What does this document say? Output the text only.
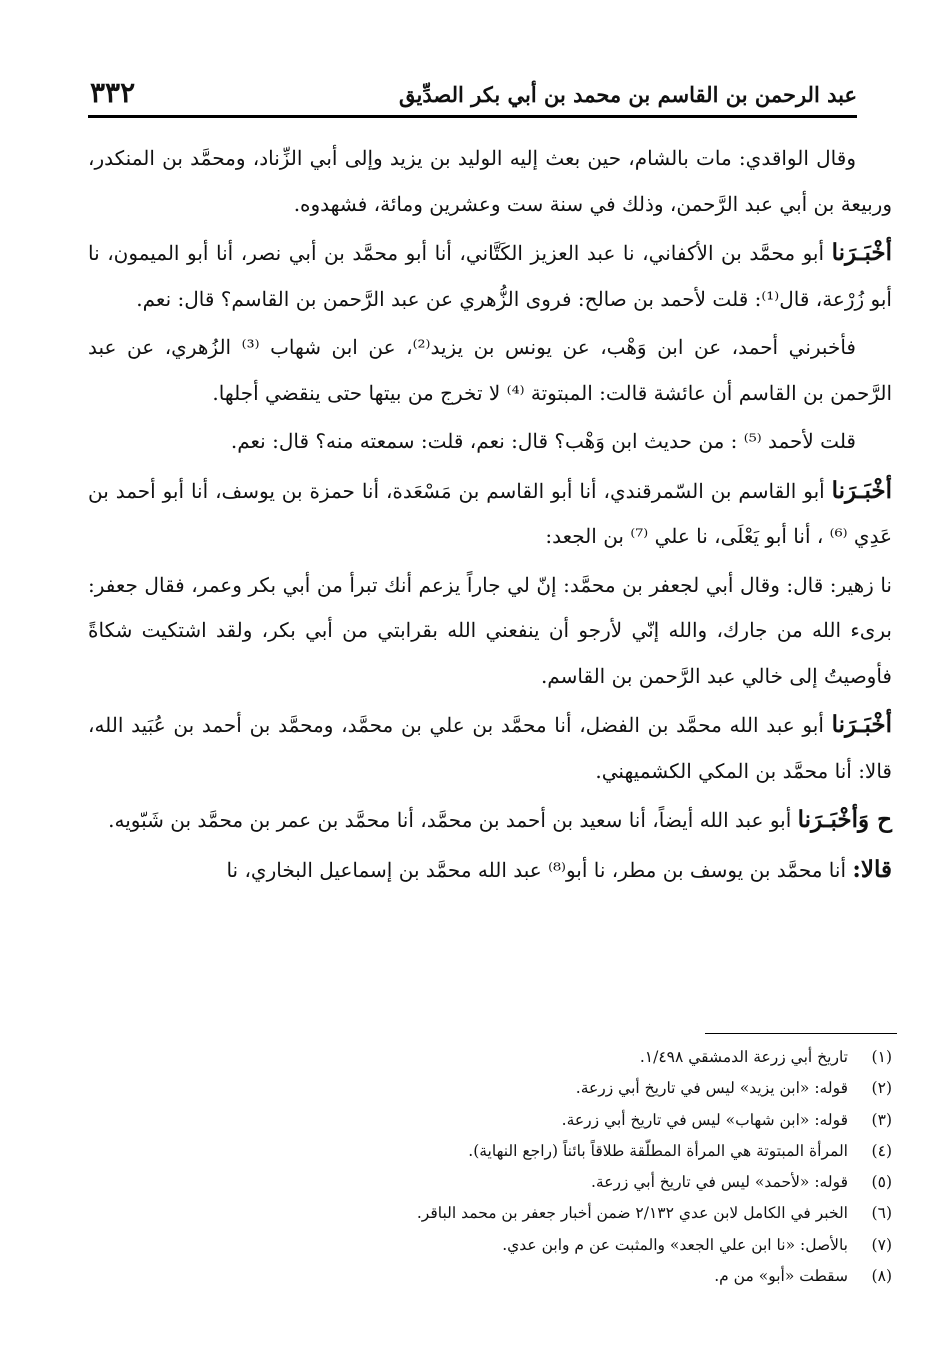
عبد الرحمن بن القاسم بن محمد بن أبي بكر الصدِّيق
٣٣٢

وقال الواقدي: مات بالشام، حين بعث إليه الوليد بن يزيد وإلى أبي الزِّناد، ومحمَّد بن المنكدر، وربيعة بن أبي عبد الرَّحمن، وذلك في سنة ست وعشرين ومائة، فشهدوه.

أخْبَـرَنا أبو محمَّد بن الأكفاني، نا عبد العزيز الكَتَّاني، أنا أبو محمَّد بن أبي نصر، أنا أبو الميمون، نا أبو زُرْعة، قال⁽¹⁾: قلت لأحمد بن صالح: فروى الزُّهري عن عبد الرَّحمن بن القاسم؟ قال: نعم.

فأخبرني أحمد، عن ابن وَهْب، عن يونس بن يزيد⁽²⁾، عن ابن شهاب ⁽³⁾ الزُهري، عن عبد الرَّحمن بن القاسم أن عائشة قالت: المبتوتة ⁽⁴⁾ لا تخرج من بيتها حتى ينقضي أجلها.

قلت لأحمد ⁽⁵⁾ : من حديث ابن وَهْب؟ قال: نعم، قلت: سمعته منه؟ قال: نعم.

أخْبَـرَنا أبو القاسم بن السّمرقندي، أنا أبو القاسم بن مَسْعَدة، أنا حمزة بن يوسف، أنا أبو أحمد بن عَدِي ⁽⁶⁾ ، أنا أبو يَعْلَى، نا علي ⁽⁷⁾ بن الجعد:

نا زهير: قال: وقال أبي لجعفر بن محمَّد: إنّ لي جاراً يزعم أنك تبرأ من أبي بكر وعمر، فقال جعفر: برىء الله من جارك، والله إنّي لأرجو أن ينفعني الله بقرابتي من أبي بكر، ولقد اشتكيت شكاةً فأوصيتُ إلى خالي عبد الرَّحمن بن القاسم.

أخْبَـرَنا أبو عبد الله محمَّد بن الفضل، أنا محمَّد بن علي بن محمَّد، ومحمَّد بن أحمد بن عُبَيد الله، قالا: أنا محمَّد بن المكي الكشميهني.

ح وَأخْبَـرَنا أبو عبد الله أيضاً، أنا سعيد بن أحمد بن محمَّد، أنا محمَّد بن عمر بن محمَّد بن شَبّويه.

قالا: أنا محمَّد بن يوسف بن مطر، نا أبو⁽⁸⁾ عبد الله محمَّد بن إسماعيل البخاري، نا

(١)تاريخ أبي زرعة الدمشقي ١/٤٩٨.
(٢)قوله: «ابن يزيد» ليس في تاريخ أبي زرعة.
(٣)قوله: «ابن شهاب» ليس في تاريخ أبي زرعة.
(٤)المرأة المبتوتة هي المرأة المطلّقة طلاقاً بائناً (راجع النهاية).
(٥)قوله: «لأحمد» ليس في تاريخ أبي زرعة.
(٦)الخبر في الكامل لابن عدي ٢/١٣٢ ضمن أخبار جعفر بن محمد الباقر.
(٧)بالأصل: «نا ابن علي الجعد» والمثبت عن م وابن عدي.
(٨)سقطت «أبو» من م.
